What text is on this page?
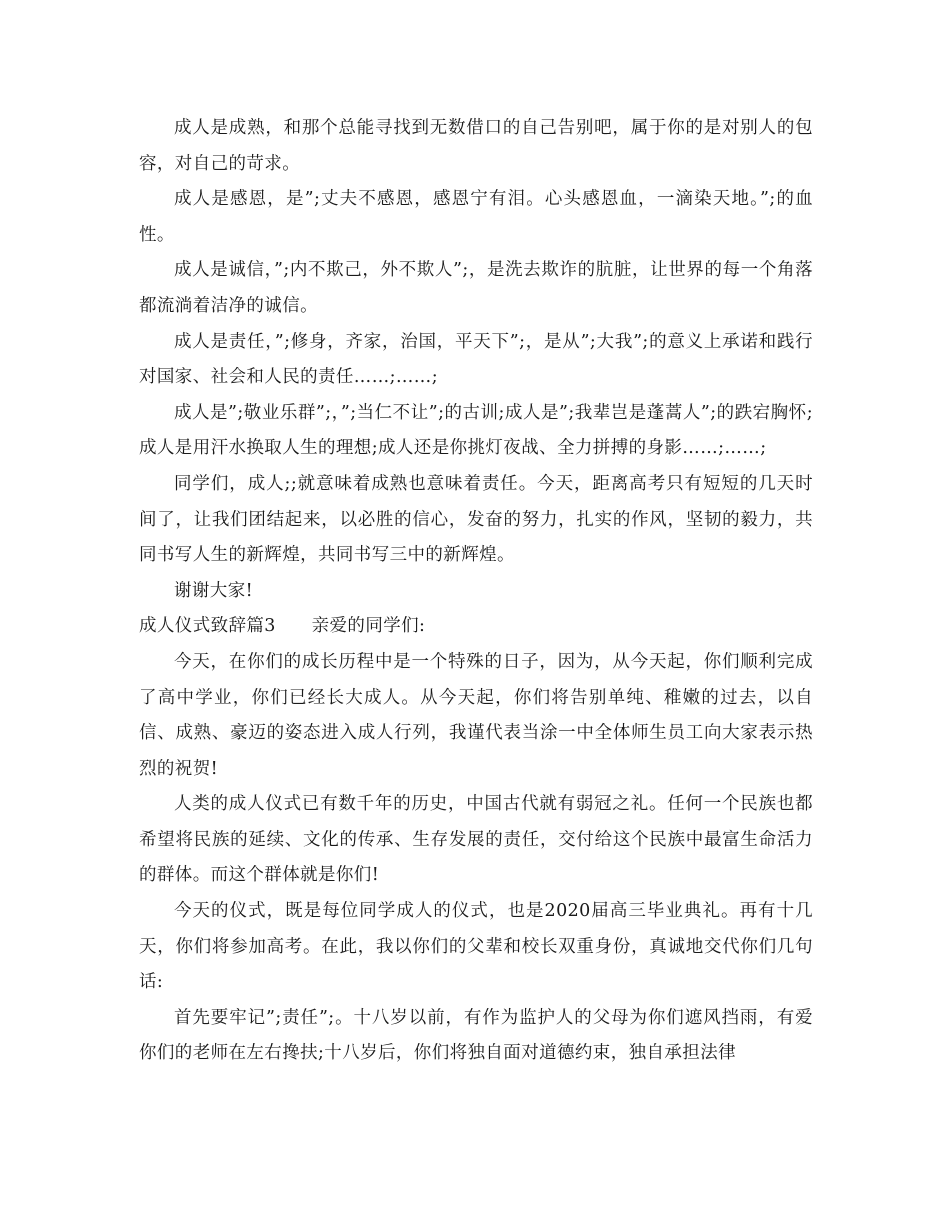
成人是成熟，和那个总能寻找到无数借口的自己告别吧，属于你的是对别人的包容，对自己的苛求。

成人是感恩，是”;丈夫不感恩，感恩宁有泪。心头感恩血，一滴染天地。”;的血性。

成人是诚信，”;内不欺己，外不欺人”;，是洗去欺诈的肮脏，让世界的每一个角落都流淌着洁净的诚信。

成人是责任，”;修身，齐家，治国，平天下”;，是从”;大我”;的意义上承诺和践行对国家、社会和人民的责任……;……;

成人是”;敬业乐群”;，”;当仁不让”;的古训;成人是”;我辈岂是蓬蒿人”;的跌宕胸怀;成人是用汗水换取人生的理想;成人还是你挑灯夜战、全力拼搏的身影……;……;

同学们，成人;;就意味着成熟也意味着责任。今天，距离高考只有短短的几天时间了，让我们团结起来，以必胜的信心，发奋的努力，扎实的作风，坚韧的毅力，共同书写人生的新辉煌，共同书写三中的新辉煌。

谢谢大家!

成人仪式致辞篇3　　亲爱的同学们:

今天，在你们的成长历程中是一个特殊的日子，因为，从今天起，你们顺利完成了高中学业，你们已经长大成人。从今天起，你们将告别单纯、稚嫩的过去，以自信、成熟、豪迈的姿态进入成人行列，我谨代表当涂一中全体师生员工向大家表示热烈的祝贺!

人类的成人仪式已有数千年的历史，中国古代就有弱冠之礼。任何一个民族也都希望将民族的延续、文化的传承、生存发展的责任，交付给这个民族中最富生命活力的群体。而这个群体就是你们!

今天的仪式，既是每位同学成人的仪式，也是2020届高三毕业典礼。再有十几天，你们将参加高考。在此，我以你们的父辈和校长双重身份，真诚地交代你们几句话:

首先要牢记”;责任”;。十八岁以前，有作为监护人的父母为你们遮风挡雨，有爱你们的老师在左右搀扶;十八岁后，你们将独自面对道德约束，独自承担法律
